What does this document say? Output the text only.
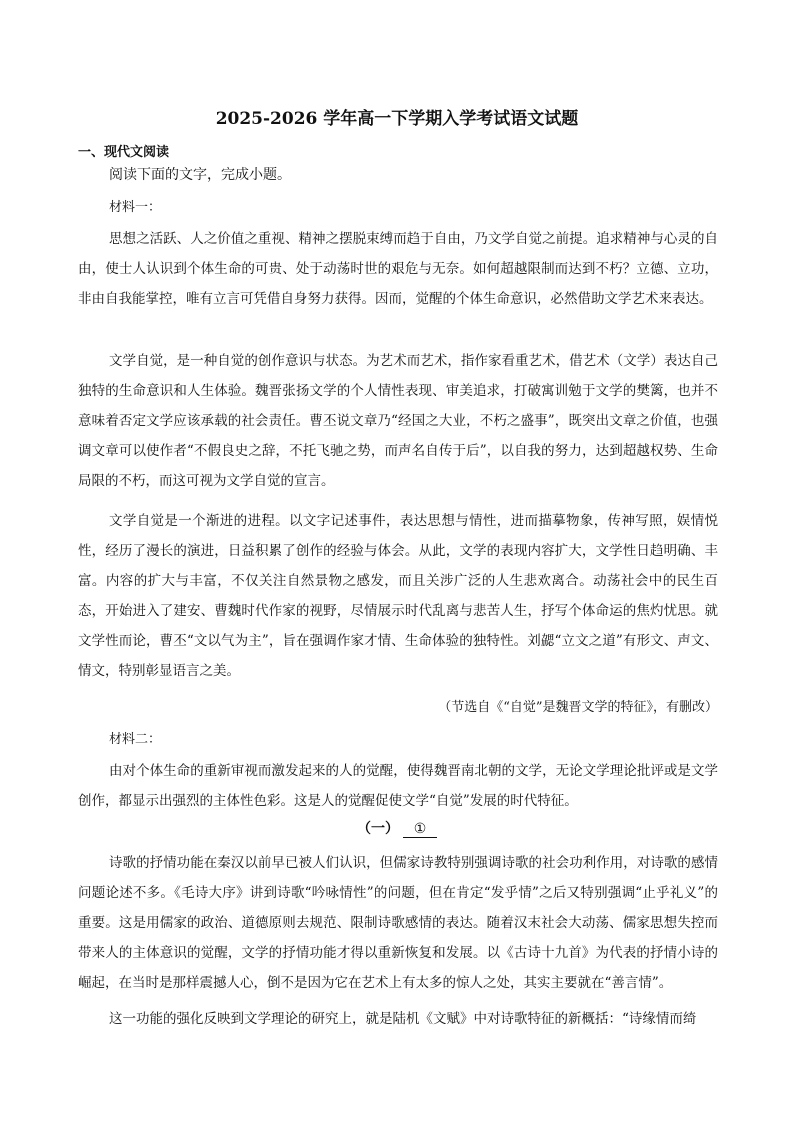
2025-2026 学年高一下学期入学考试语文试题
一、现代文阅读
阅读下面的文字，完成小题。
材料一：
思想之活跃、人之价值之重视、精神之摆脱束缚而趋于自由，乃文学自觉之前提。追求精神与心灵的自由，使士人认识到个体生命的可贵、处于动荡时世的艰危与无奈。如何超越限制而达到不朽？立德、立功，非由自我能掌控，唯有立言可凭借自身努力获得。因而，觉醒的个体生命意识，必然借助文学艺术来表达。
文学自觉，是一种自觉的创作意识与状态。为艺术而艺术，指作家看重艺术，借艺术（文学）表达自己独特的生命意识和人生体验。魏晋张扬文学的个人情性表现、审美追求，打破寓训勉于文学的樊篱，也并不意味着否定文学应该承载的社会责任。曹丕说文章乃“经国之大业，不朽之盛事”，既突出文章之价值，也强调文章可以使作者“不假良史之辞，不托飞驰之势，而声名自传于后”，以自我的努力，达到超越权势、生命局限的不朽，而这可视为文学自觉的宣言。
文学自觉是一个渐进的进程。以文字记述事件，表达思想与情性，进而描摹物象，传神写照，娱情悦性，经历了漫长的演进，日益积累了创作的经验与体会。从此，文学的表现内容扩大，文学性日趋明确、丰富。内容的扩大与丰富，不仅关注自然景物之感发，而且关涉广泛的人生悲欢离合。动荡社会中的民生百态，开始进入了建安、曹魏时代作家的视野，尽情展示时代乱离与悲苦人生，抒写个体命运的焦灼忧思。就文学性而论，曹丕“文以气为主”，旨在强调作家才情、生命体验的独特性。刘勰“立文之道”有形文、声文、情文，特别彰显语言之美。
（节选自《“自觉”是魏晋文学的特征》，有删改）
材料二：
由对个体生命的重新审视而激发起来的人的觉醒，使得魏晋南北朝的文学，无论文学理论批评或是文学创作，都显示出强烈的主体性色彩。这是人的觉醒促使文学“自觉”发展的时代特征。
（一） ①
诗歌的抒情功能在秦汉以前早已被人们认识，但儒家诗教特别强调诗歌的社会功利作用，对诗歌的感情问题论述不多。《毛诗大序》讲到诗歌“吟咏情性”的问题，但在肯定“发乎情”之后又特别强调“止乎礼义”的重要。这是用儒家的政治、道德原则去规范、限制诗歌感情的表达。随着汉末社会大动荡、儒家思想失控而带来人的主体意识的觉醒，文学的抒情功能才得以重新恢复和发展。以《古诗十九首》为代表的抒情小诗的崛起，在当时是那样震撼人心，倒不是因为它在艺术上有太多的惊人之处，其实主要就在“善言情”。
这一功能的强化反映到文学理论的研究上，就是陆机《文赋》中对诗歌特征的新概括：“诗缘情而绮
